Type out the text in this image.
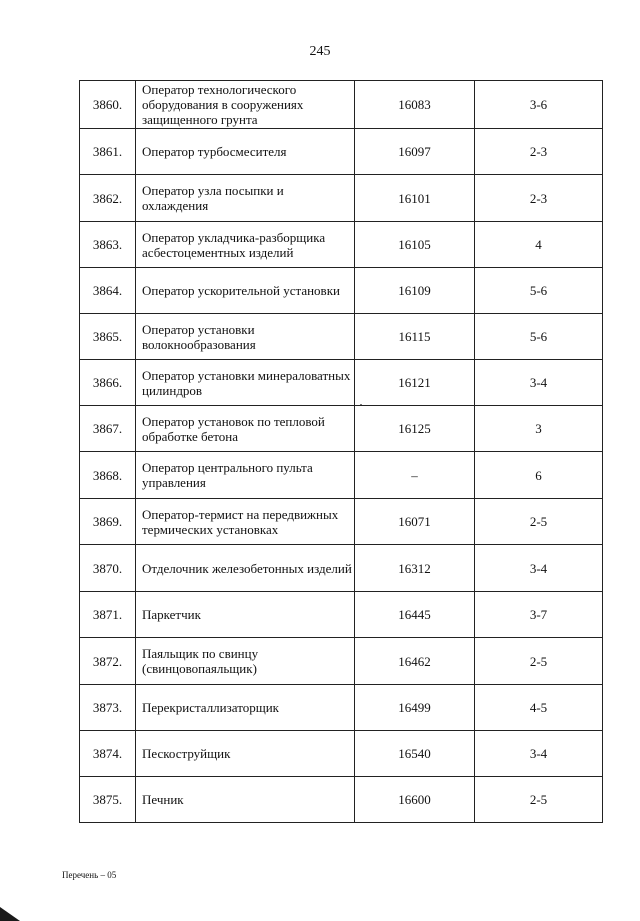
245
3860.	Оператор технологического оборудования в сооружениях защищенного грунта	16083	3-6
3861.	Оператор турбосмесителя	16097	2-3
3862.	Оператор узла посыпки и охлаждения	16101	2-3
3863.	Оператор укладчика-разборщика асбестоцементных изделий	16105	4
3864.	Оператор ускорительной установки	16109	5-6
3865.	Оператор установки волокнообразования	16115	5-6
3866.	Оператор установки минераловатных цилиндров	16121	3-4
3867.	Оператор установок по тепловой обработке бетона	16125	3
3868.	Оператор центрального пульта управления	–	6
3869.	Оператор-термист на передвижных термических установках	16071	2-5
3870.	Отделочник железобетонных изделий	16312	3-4
3871.	Паркетчик	16445	3-7
3872.	Паяльщик по свинцу (свинцовопаяльщик)	16462	2-5
3873.	Перекристаллизаторщик	16499	4-5
3874.	Пескоструйщик	16540	3-4
3875.	Печник	16600	2-5
Перечень – 05
